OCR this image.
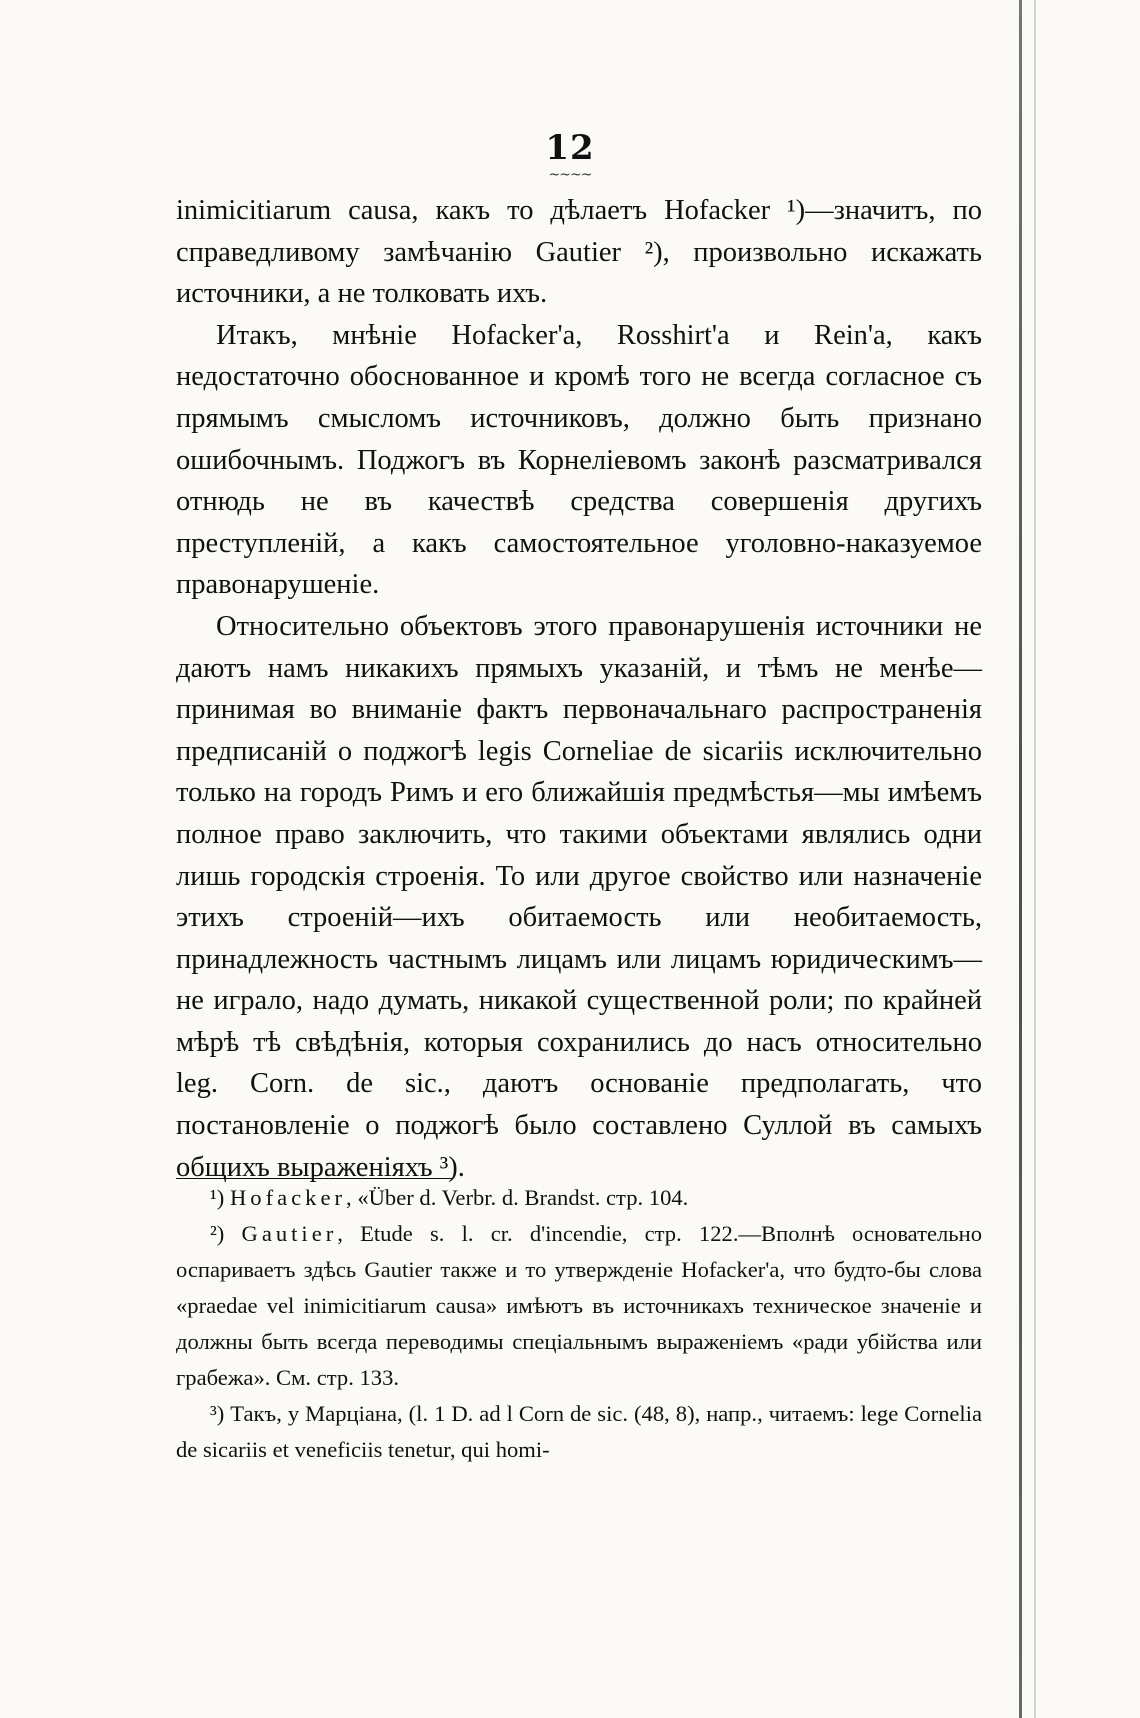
12
~~~~

inimicitiarum causa, какъ то дѣлаетъ Hofacker ¹)—значитъ, по справедливому замѣчанію Gautier ²), произвольно искажать источники, а не толковать ихъ.

Итакъ, мнѣніе Hofacker'a, Rosshirt'a и Rein'a, какъ недостаточно обоснованное и кромѣ того не всегда согласное съ прямымъ смысломъ источниковъ, должно быть признано ошибочнымъ. Поджогъ въ Корнеліевомъ законѣ разсматривался отнюдь не въ качествѣ средства совершенія другихъ преступленій, а какъ самостоятельное уголовно-наказуемое правонарушеніе.

Относительно объектовъ этого правонарушенія источники не даютъ намъ никакихъ прямыхъ указаній, и тѣмъ не менѣе—принимая во вниманіе фактъ первоначальнаго распространенія предписаній о поджогѣ legis Corneliae de sicariis исключительно только на городъ Римъ и его ближайшія предмѣстья—мы имѣемъ полное право заключить, что такими объектами являлись одни лишь городскія строенія. То или другое свойство или назначеніе этихъ строеній—ихъ обитаемость или необитаемость, принадлежность частнымъ лицамъ или лицамъ юридическимъ—не играло, надо думать, никакой существенной роли; по крайней мѣрѣ тѣ свѣдѣнія, которыя сохранились до насъ относительно leg. Corn. de sic., даютъ основаніе предполагать, что постановленіе о поджогѣ было составлено Суллой въ самыхъ общихъ выраженіяхъ ³).

¹) Hofacker, «Über d. Verbr. d. Brandst. стр. 104.

²) Gautier, Etude s. l. cr. d'incendie, стр. 122.—Вполнѣ основательно оспариваетъ здѣсь Gautier также и то утвержденіе Hofacker'a, что будто-бы слова «praedae vel inimicitiarum causa» имѣютъ въ источникахъ техническое значеніе и должны быть всегда переводимы спеціальнымъ выраженіемъ «ради убійства или грабежа». См. стр. 133.

³) Такъ, у Марціана, (l. 1 D. ad l Corn de sic. (48, 8), напр., читаемъ: lege Cornelia de sicariis et veneficiis tenetur, qui homi-
